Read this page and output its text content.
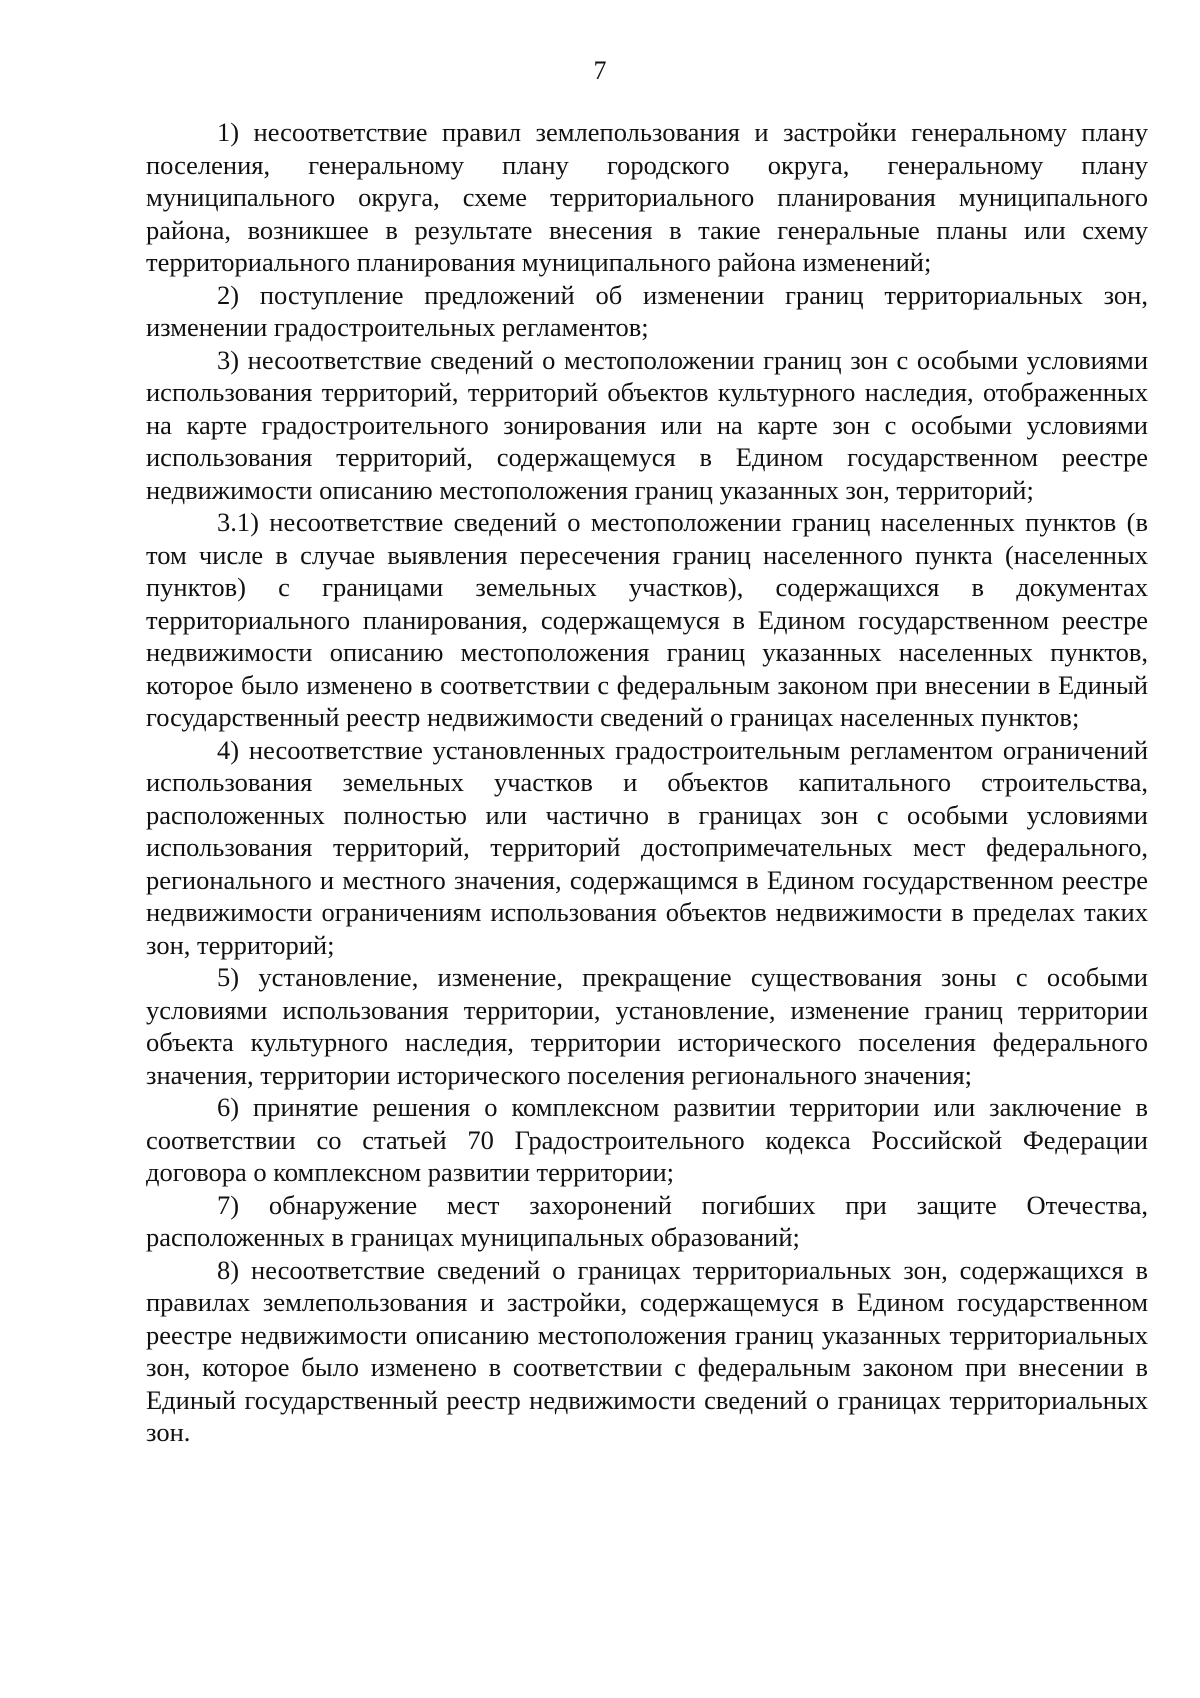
7

1) несоответствие правил землепользования и застройки генеральному плану поселения, генеральному плану городского округа, генеральному плану муниципального округа, схеме территориального планирования муниципального района, возникшее в результате внесения в такие генеральные планы или схему территориального планирования муниципального района изменений;

2) поступление предложений об изменении границ территориальных зон, изменении градостроительных регламентов;

3) несоответствие сведений о местоположении границ зон с особыми условиями использования территорий, территорий объектов культурного наследия, отображенных на карте градостроительного зонирования или на карте зон с особыми условиями использования территорий, содержащемуся в Едином государственном реестре недвижимости описанию местоположения границ указанных зон, территорий;

3.1) несоответствие сведений о местоположении границ населенных пунктов (в том числе в случае выявления пересечения границ населенного пункта (населенных пунктов) с границами земельных участков), содержащихся в документах территориального планирования, содержащемуся в Едином государственном реестре недвижимости описанию местоположения границ указанных населенных пунктов, которое было изменено в соответствии с федеральным законом при внесении в Единый государственный реестр недвижимости сведений о границах населенных пунктов;

4) несоответствие установленных градостроительным регламентом ограничений использования земельных участков и объектов капитального строительства, расположенных полностью или частично в границах зон с особыми условиями использования территорий, территорий достопримечательных мест федерального, регионального и местного значения, содержащимся в Едином государственном реестре недвижимости ограничениям использования объектов недвижимости в пределах таких зон, территорий;

5) установление, изменение, прекращение существования зоны с особыми условиями использования территории, установление, изменение границ территории объекта культурного наследия, территории исторического поселения федерального значения, территории исторического поселения регионального значения;

6) принятие решения о комплексном развитии территории или заключение в соответствии со статьей 70 Градостроительного кодекса Российской Федерации договора о комплексном развитии территории;

7) обнаружение мест захоронений погибших при защите Отечества, расположенных в границах муниципальных образований;

8) несоответствие сведений о границах территориальных зон, содержащихся в правилах землепользования и застройки, содержащемуся в Едином государственном реестре недвижимости описанию местоположения границ указанных территориальных зон, которое было изменено в соответствии с федеральным законом при внесении в Единый государственный реестр недвижимости сведений о границах территориальных зон.
